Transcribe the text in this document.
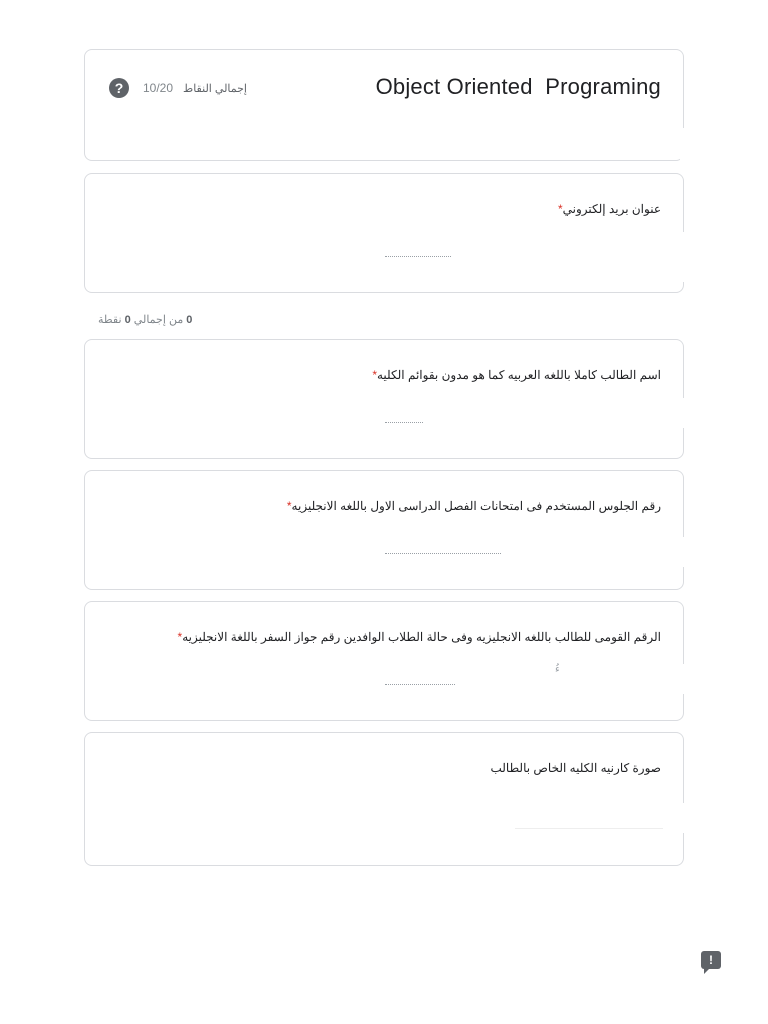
Object Oriented  Programing
?	10/20 إجمالي النقاط
عنوان بريد إلكتروني*
0 من إجمالي 0 نقطة
اسم الطالب كاملا باللغه العربيه كما هو مدون بقوائم الكليه*
رقم الجلوس المستخدم فى امتحانات الفصل الدراسى الاول باللغه الانجليزيه*
الرقم القومى للطالب باللغه الانجليزيه وفى حالة الطلاب الوافدين رقم جواز السفر باللغة الانجليزيه*
ءُ
صورة كارنيه الكليه الخاص بالطالب
!
